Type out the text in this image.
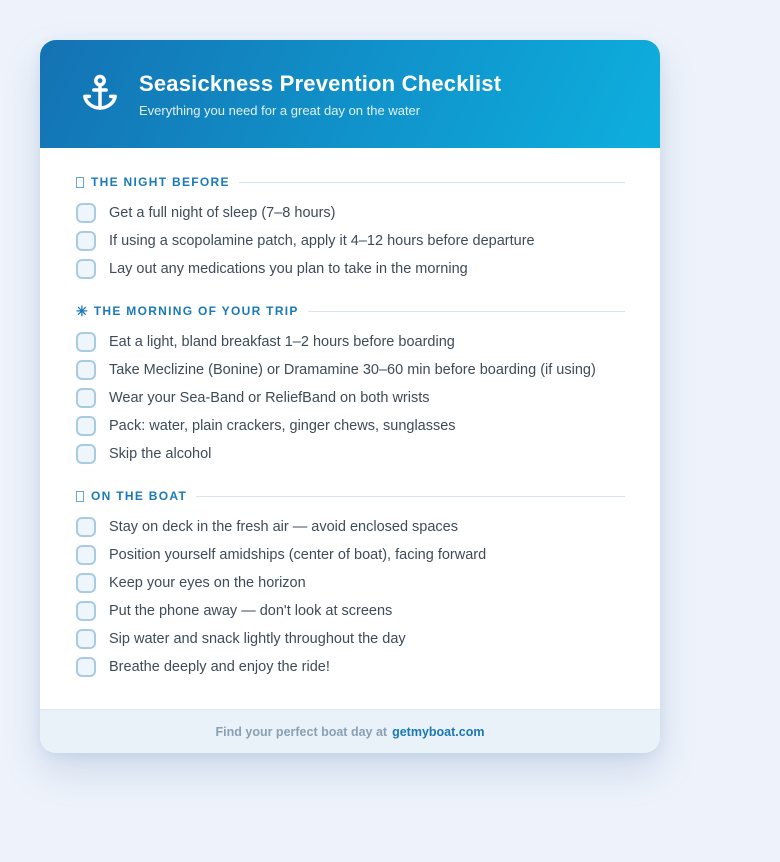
Seasickness Prevention Checklist
Everything you need for a great day on the water
THE NIGHT BEFORE
Get a full night of sleep (7–8 hours)
If using a scopolamine patch, apply it 4–12 hours before departure
Lay out any medications you plan to take in the morning
✳ THE MORNING OF YOUR TRIP
Eat a light, bland breakfast 1–2 hours before boarding
Take Meclizine (Bonine) or Dramamine 30–60 min before boarding (if using)
Wear your Sea-Band or ReliefBand on both wrists
Pack: water, plain crackers, ginger chews, sunglasses
Skip the alcohol
ON THE BOAT
Stay on deck in the fresh air — avoid enclosed spaces
Position yourself amidships (center of boat), facing forward
Keep your eyes on the horizon
Put the phone away — don't look at screens
Sip water and snack lightly throughout the day
Breathe deeply and enjoy the ride!
Find your perfect boat day at getmyboat.com
